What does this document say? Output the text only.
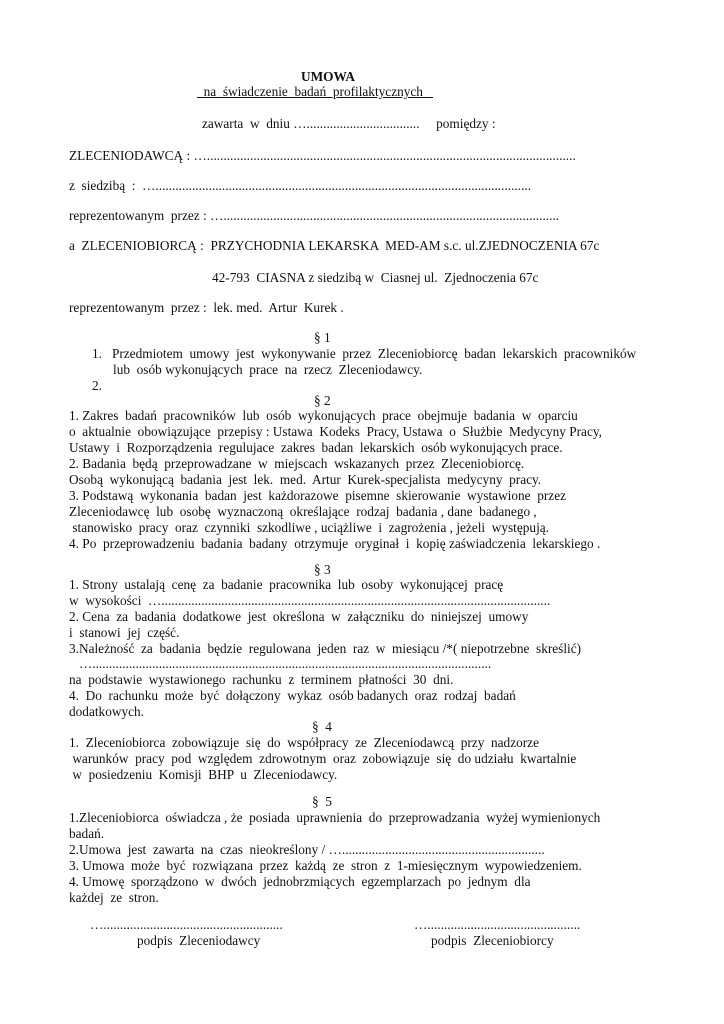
UMOWA
na  świadczenie  badań  profilaktycznych
zawarta  w  dniu …..................................     pomiędzy :
ZLECENIODAWCĄ : …...............................................................................................................
z  siedzibą  :  ….................................................................................................................
reprezentowanym  przez : ….....................................................................................................
a  ZLECENIOBIORCĄ :  PRZYCHODNIA LEKARSKA  MED-AM s.c. ul.ZJEDNOCZENIA 67c
42-793  CIASNA z siedzibą w  Ciasnej ul.  Zjednoczenia 67c
reprezentowanym  przez :  lek. med.  Artur  Kurek .
§ 1
1.   Przedmiotem  umowy  jest  wykonywanie  przez  Zleceniobiorcę  badan  lekarskich  pracowników
lub  osób wykonujących  prace  na  rzecz  Zleceniodawcy.
2.
§ 2
1. Zakres  badań  pracowników  lub  osób  wykonujących  prace  obejmuje  badania  w  oparciu
o  aktualnie  obowiązujące  przepisy : Ustawa  Kodeks  Pracy, Ustawa  o  Służbie  Medycyny Pracy,
Ustawy  i  Rozporządzenia  regulujace  zakres  badan  lekarskich  osób wykonujących prace.
2. Badania  będą  przeprowadzane  w  miejscach  wskazanych  przez  Zleceniobiorcę.
Osobą  wykonującą  badania  jest  lek.  med.  Artur  Kurek-specjalista  medycyny  pracy.
3. Podstawą  wykonania  badan  jest  każdorazowe  pisemne  skierowanie  wystawione  przez
Zleceniodawcę  lub  osobę  wyznaczoną  określające  rodzaj  badania , dane  badanego ,
stanowisko  pracy  oraz  czynniki  szkodliwe , uciążliwe  i  zagrożenia , jeżeli  występują.
4. Po  przeprowadzeniu  badania  badany  otrzymuje  oryginał  i  kopię zaświadczenia  lekarskiego .
§ 3
1. Strony  ustalają  cenę  za  badanie  pracownika  lub  osoby  wykonującej  pracę
w  wysokości  ….....................................................................................................................
2. Cena  za  badania  dodatkowe  jest  określona  w  załączniku  do  niniejszej  umowy
i  stanowi  jej  część.
3.Należność  za  badania  będzie  regulowana  jeden  raz  w  miesiącu /*( niepotrzebne  skreślić)
…........................................................................................................................
na  podstawie  wystawionego  rachunku  z  terminem  płatności  30  dni.
4.  Do  rachunku  może  być  dołączony  wykaz  osób badanych  oraz  rodzaj  badań
dodatkowych.
§  4
1.  Zleceniobiorca  zobowiązuje  się  do  współpracy  ze  Zleceniodawcą  przy  nadzorze
warunków  pracy  pod  względem  zdrowotnym  oraz  zobowiązuje  się  do udziału  kwartalnie
w  posiedzeniu  Komisji  BHP  u  Zleceniodawcy.
§  5
1.Zleceniobiorca  oświadcza , że  posiada  uprawnienia  do  przeprowadzania  wyżej wymienionych
badań.
2.Umowa  jest  zawarta  na  czas  nieokreślony / ….............................................................
3. Umowa  może  być  rozwiązana  przez  każdą  ze  stron  z  1-miesięcznym  wypowiedzeniem.
4. Umowę  sporządzono  w  dwóch  jednobrzmiących  egzemplarzach  po  jednym  dla
każdej  ze  stron.
…......................................................	…..............................................
podpis  Zleceniodawcy	podpis  Zleceniobiorcy
